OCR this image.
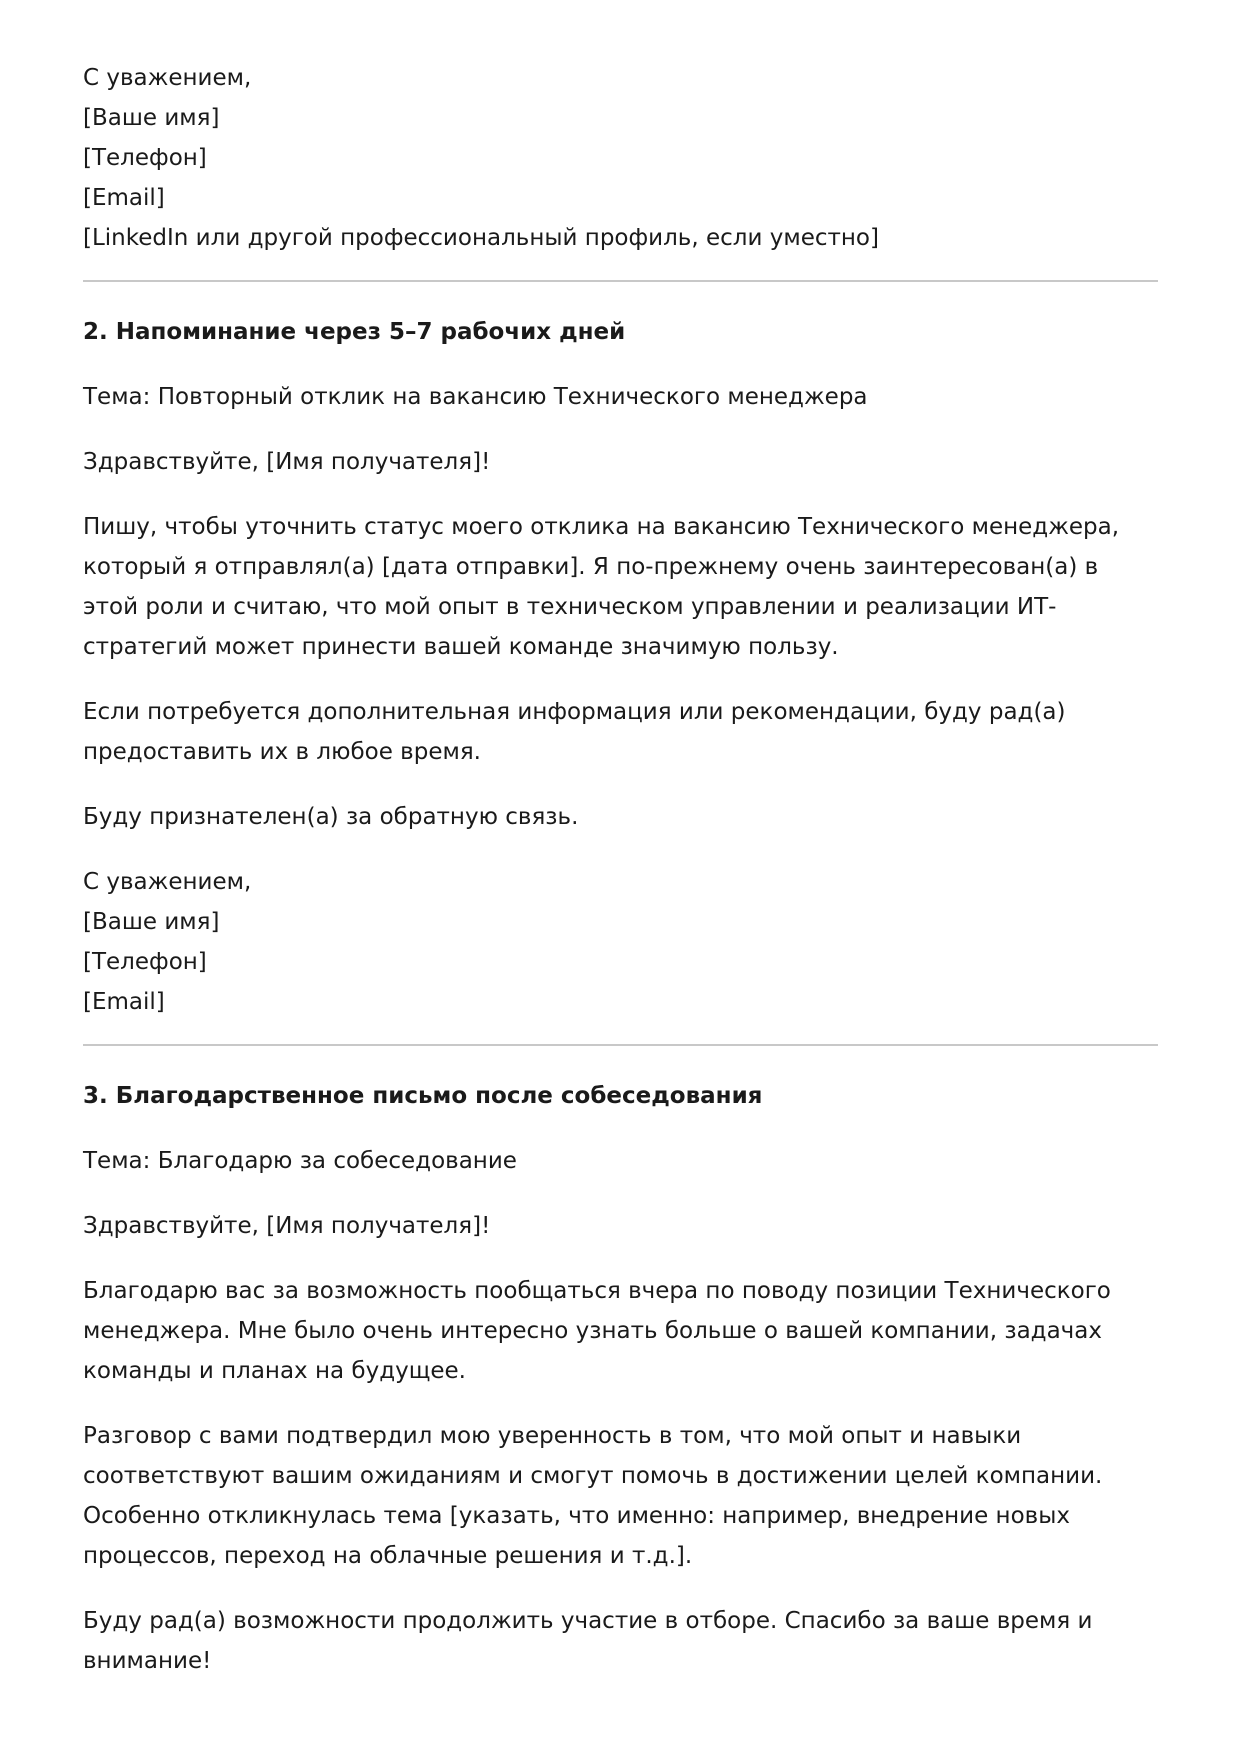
С уважением,

[Ваше имя]

[Телефон]

[Email]

[LinkedIn или другой профессиональный профиль, если уместно]

2. Напоминание через 5–7 рабочих дней

Тема: Повторный отклик на вакансию Технического менеджера

Здравствуйте, [Имя получателя]!

Пишу, чтобы уточнить статус моего отклика на вакансию Технического менеджера, который я отправлял(а) [дата отправки]. Я по-прежнему очень заинтересован(а) в этой роли и считаю, что мой опыт в техническом управлении и реализации ИТ-стратегий может принести вашей команде значимую пользу.

Если потребуется дополнительная информация или рекомендации, буду рад(а) предоставить их в любое время.

Буду признателен(а) за обратную связь.

С уважением,

[Ваше имя]

[Телефон]

[Email]

3. Благодарственное письмо после собеседования

Тема: Благодарю за собеседование

Здравствуйте, [Имя получателя]!

Благодарю вас за возможность пообщаться вчера по поводу позиции Технического менеджера. Мне было очень интересно узнать больше о вашей компании, задачах команды и планах на будущее.

Разговор с вами подтвердил мою уверенность в том, что мой опыт и навыки соответствуют вашим ожиданиям и смогут помочь в достижении целей компании. Особенно откликнулась тема [указать, что именно: например, внедрение новых процессов, переход на облачные решения и т.д.].

Буду рад(а) возможности продолжить участие в отборе. Спасибо за ваше время и внимание!
